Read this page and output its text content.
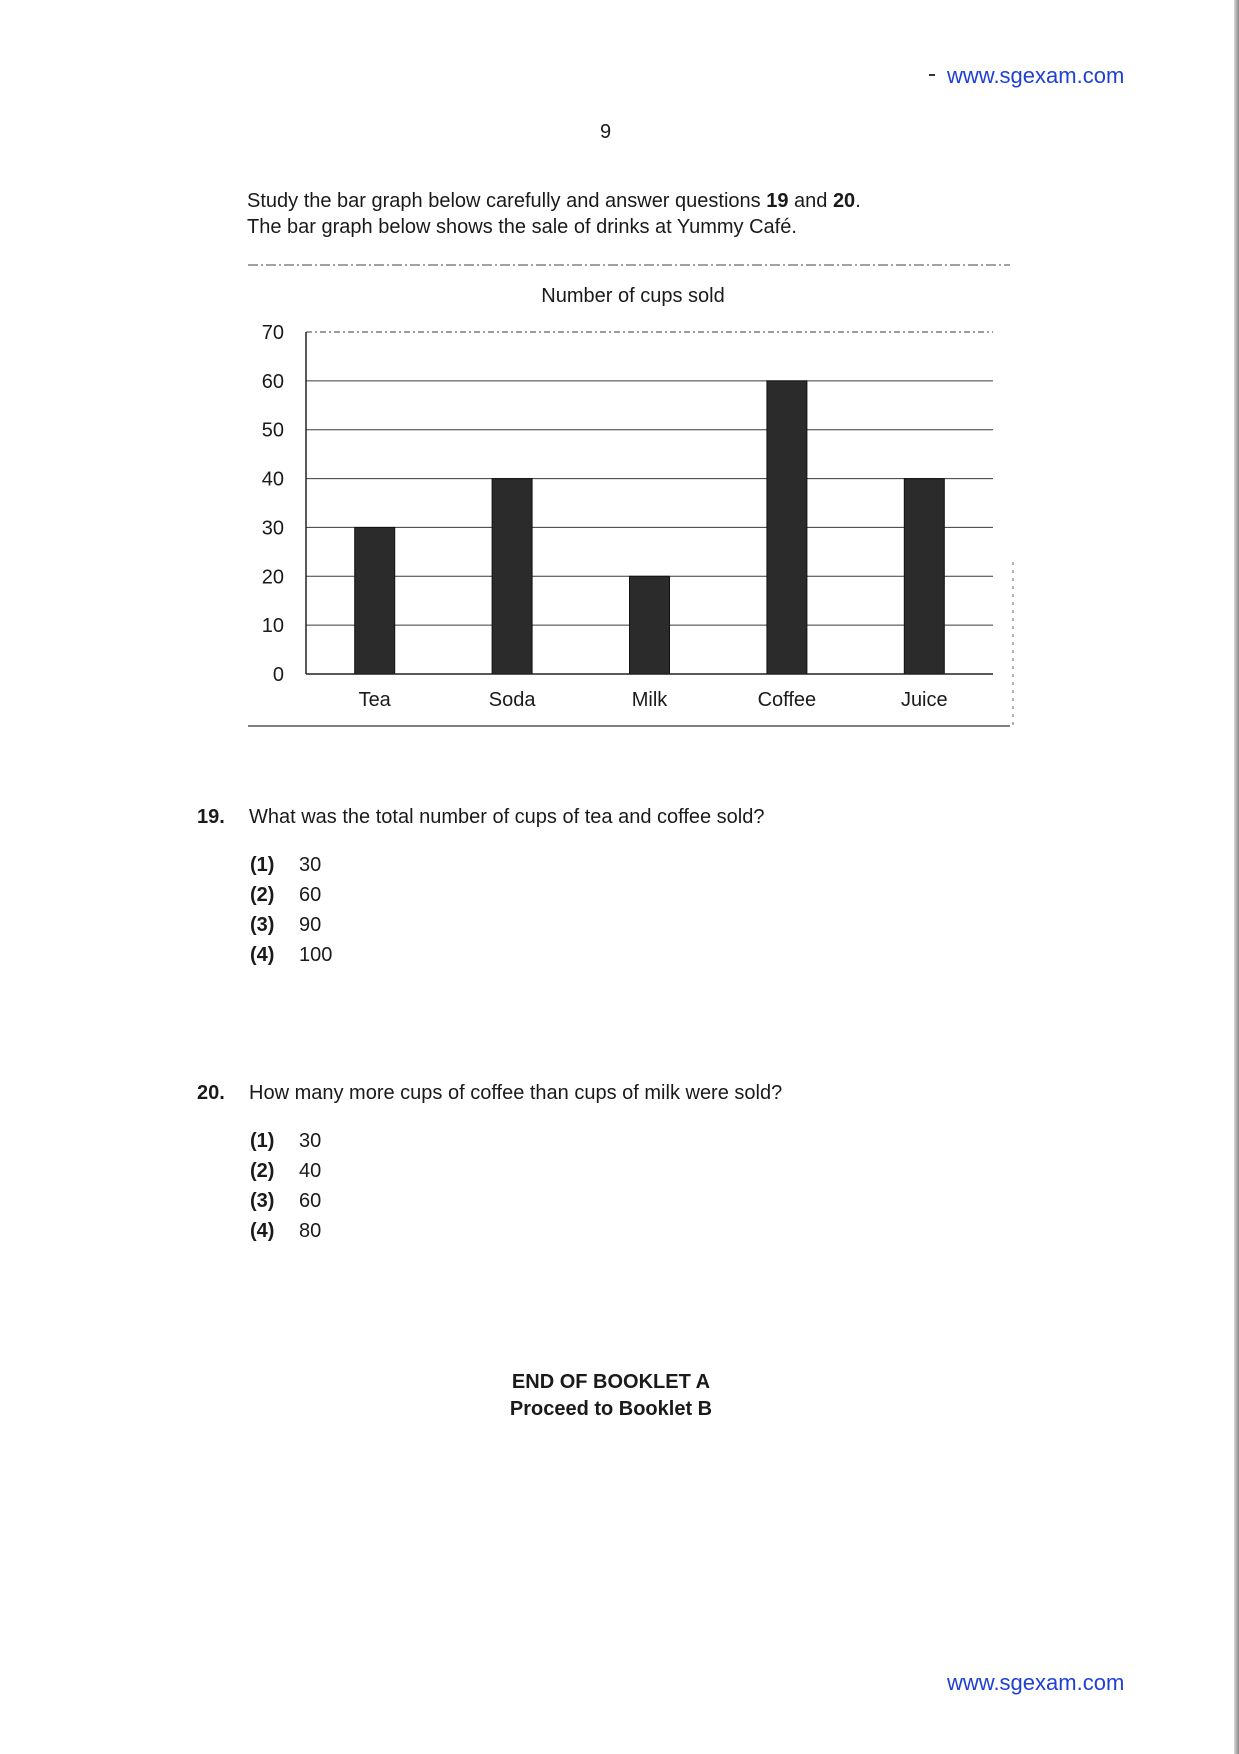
www.sgexam.com
9
Study the bar graph below carefully and answer questions 19 and 20.
The bar graph below shows the sale of drinks at Yummy Café.
Number of cups sold
0
10
20
30
40
50
60
70
Tea	Soda	Milk	Coffee	Juice
19. What was the total number of cups of tea and coffee sold?
(1) 30
(2) 60
(3) 90
(4) 100
20. How many more cups of coffee than cups of milk were sold?
(1) 30
(2) 40
(3) 60
(4) 80
END OF BOOKLET A
Proceed to Booklet B
www.sgexam.com
